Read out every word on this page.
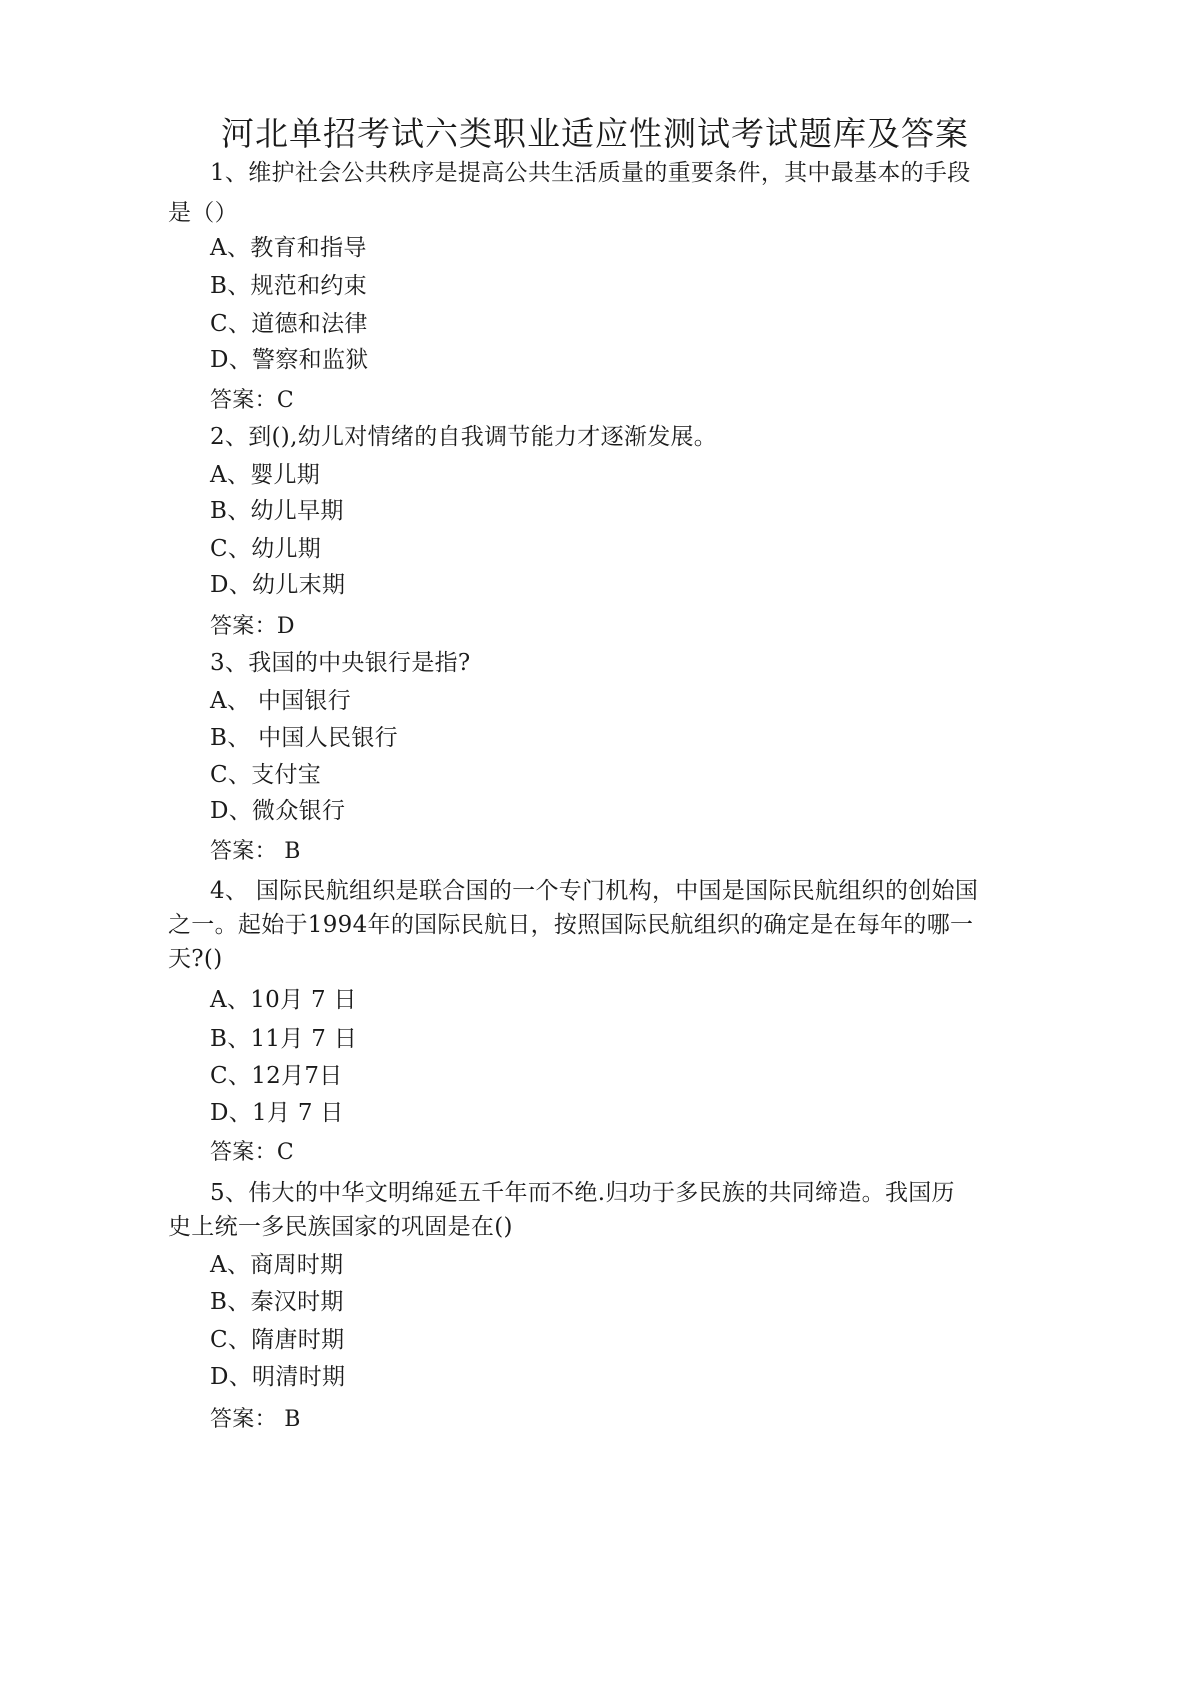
河北单招考试六类职业适应性测试考试题库及答案
1、维护社会公共秩序是提高公共生活质量的重要条件，其中最基本的手段
是（）
A、教育和指导
B、规范和约束
C、道德和法律
D、警察和监狱
答案：C
2、到(),幼儿对情绪的自我调节能力才逐渐发展。
A、婴儿期
B、幼儿早期
C、幼儿期
D、幼儿末期
答案：D
3、我国的中央银行是指?
A、 中国银行
B、 中国人民银行
C、支付宝
D、微众银行
答案： B
4、 国际民航组织是联合国的一个专门机构，中国是国际民航组织的创始国
之一。起始于1994年的国际民航日，按照国际民航组织的确定是在每年的哪一
天?()
A、10月 7 日
B、11月 7 日
C、12月7日
D、1月 7 日
答案：C
5、伟大的中华文明绵延五千年而不绝.归功于多民族的共同缔造。我国历
史上统一多民族国家的巩固是在()
A、商周时期
B、秦汉时期
C、隋唐时期
D、明清时期
答案： B
